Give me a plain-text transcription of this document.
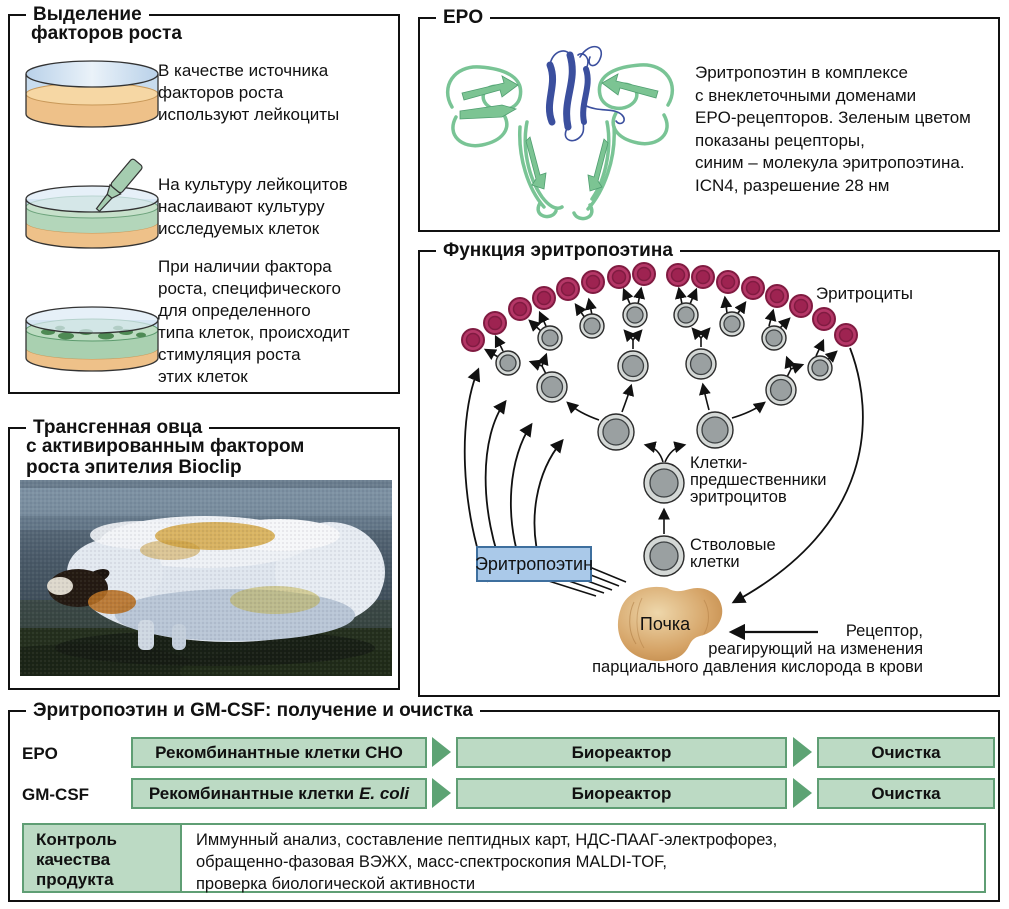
Выделение
факторов роста
В качестве источника
факторов роста
используют лейкоциты
На культуру лейкоцитов
наслаивают культуру
исследуемых клеток
При наличии фактора
роста, специфического
для определенного
типа клеток, происходит
стимуляция роста
этих клеток
Трансгенная овца
с активированным фактором
роста эпителия Bioclip
EPO
Эритропоэтин в комплексе
с внеклеточными доменами
EPO-рецепторов. Зеленым цветом
показаны рецепторы,
синим – молекула эритропоэтина.
ICN4, разрешение 28 нм
Функция эритропоэтина
Эритропоэтин
Эритроциты
Клетки-
предшественники
эритроцитов
Стволовые
клетки
Почка	Рецептор,
реагирующий на изменения
парциального давления кислорода в крови
Эритропоэтин и GM-CSF: получение и очистка
EPO	Рекомбинантные клетки CHO	Биореактор	Очистка
GM-CSF	Рекомбинантные клетки E. coli	Биореактор	Очистка
Контроль
качества
продукта
Иммунный анализ, составление пептидных карт, НДС-ПААГ-электрофорез,
обращенно-фазовая ВЭЖХ, масс-спектроскопия MALDI-TOF,
проверка биологической активности
